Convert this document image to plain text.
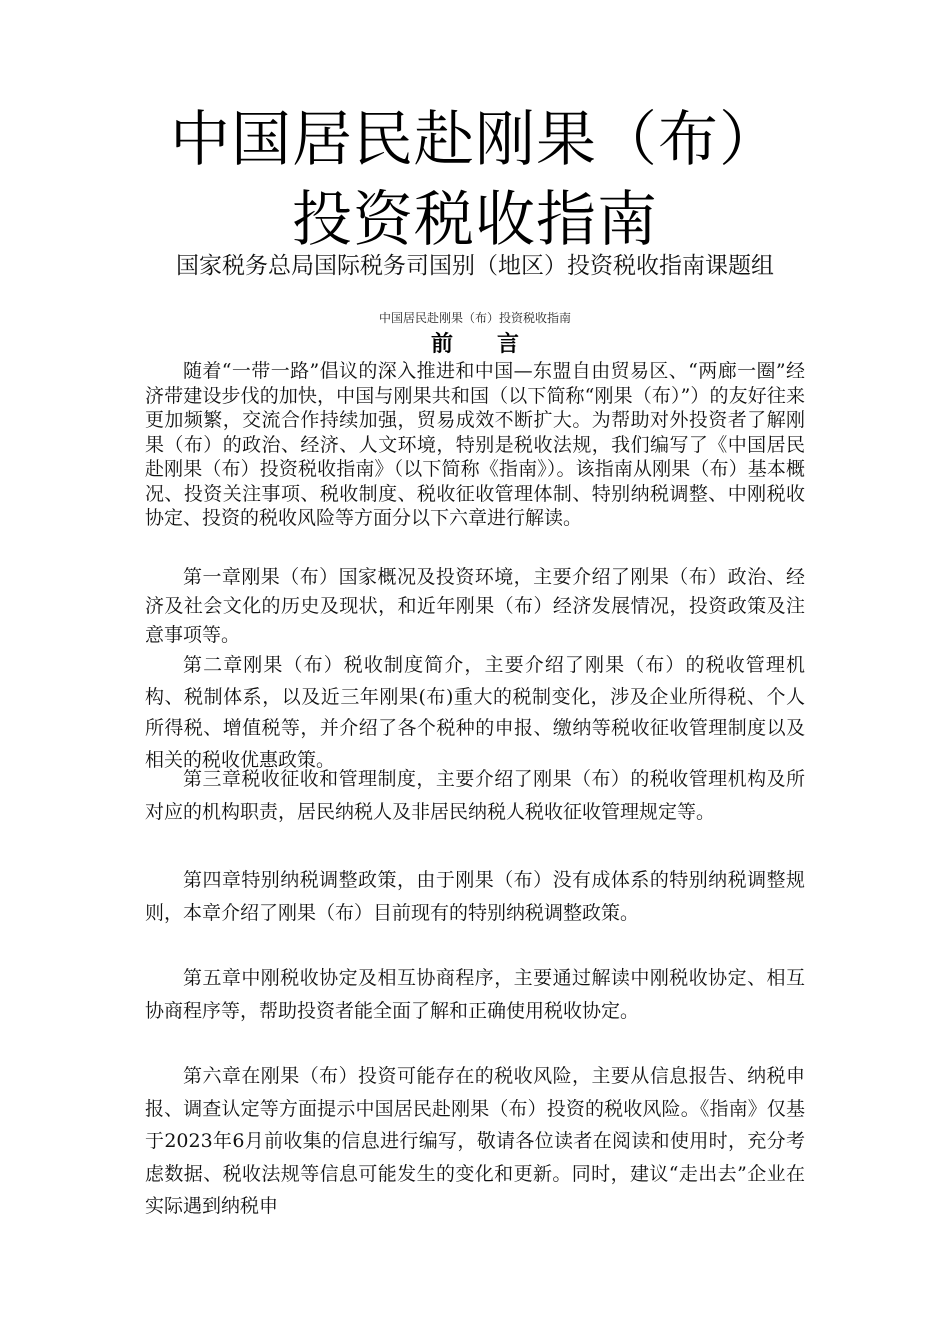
中国居民赴刚果（布）投资税收指南
国家税务总局国际税务司国别（地区）投资税收指南课题组
中国居民赴刚果（布）投资税收指南
前言

随着“一带一路”倡议的深入推进和中国—东盟自由贸易区、“两廊一圈”经济带建设步伐的加快，中国与刚果共和国（以下简称“刚果（布）”）的友好往来更加频繁，交流合作持续加强，贸易成效不断扩大。为帮助对外投资者了解刚果（布）的政治、经济、人文环境，特别是税收法规，我们编写了《中国居民赴刚果（布）投资税收指南》（以下简称《指南》）。该指南从刚果（布）基本概况、投资关注事项、税收制度、税收征收管理体制、特别纳税调整、中刚税收协定、投资的税收风险等方面分以下六章进行解读。

第一章刚果（布）国家概况及投资环境，主要介绍了刚果（布）政治、经济及社会文化的历史及现状，和近年刚果（布）经济发展情况，投资政策及注意事项等。

第二章刚果（布）税收制度简介，主要介绍了刚果（布）的税收管理机构、税制体系，以及近三年刚果(布)重大的税制变化，涉及企业所得税、个人所得税、增值税等，并介绍了各个税种的申报、缴纳等税收征收管理制度以及相关的税收优惠政策。

第三章税收征收和管理制度，主要介绍了刚果（布）的税收管理机构及所对应的机构职责，居民纳税人及非居民纳税人税收征收管理规定等。

第四章特别纳税调整政策，由于刚果（布）没有成体系的特别纳税调整规则，本章介绍了刚果（布）目前现有的特别纳税调整政策。

第五章中刚税收协定及相互协商程序，主要通过解读中刚税收协定、相互协商程序等，帮助投资者能全面了解和正确使用税收协定。

第六章在刚果（布）投资可能存在的税收风险，主要从信息报告、纳税申报、调查认定等方面提示中国居民赴刚果（布）投资的税收风险。《指南》仅基于2023年6月前收集的信息进行编写，敬请各位读者在阅读和使用时，充分考虑数据、税收法规等信息可能发生的变化和更新。同时，建议“走出去”企业在实际遇到纳税申
